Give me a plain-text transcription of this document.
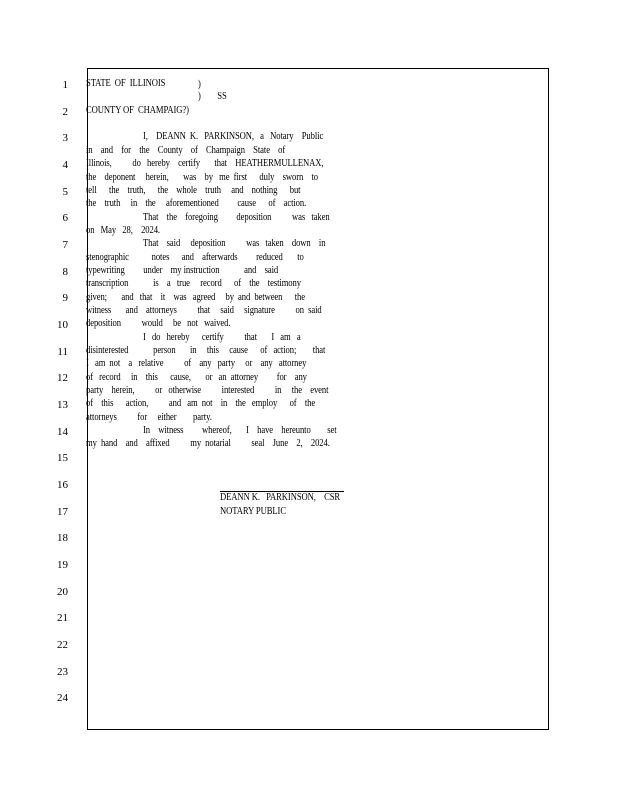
1
2
3
4
5
6
7
8
9
10
11
12
13
14
15
16
17
18
19
20
21
22
23
24
STATE  OF  ILLINOIS	)
)        SS
COUNTY OF  CHAMPAIG?)
I,    DEANN  K.   PARKINSON,   a   Notary    Public
in    and    for    the    County    of    Champaign    State    of
Illinois,          do   hereby    certify       that    HEATHERMULLENAX,
the    deponent     herein,       was    by   me  first      duly    sworn    to
tell      the    truth,      the    whole    truth     and    nothing      but
the    truth     in    the     aforementioned         cause      of    action.
That    the    foregoing         deposition          was   taken
on   May   28,    2024.
That    said     deposition          was   taken    down    in
stenographic           notes      and    afterwards         reduced       to
typewriting         under    my instruction            and    said
transcription            is    a   true     record      of    the    testimony
given;       and   that    it    was   agreed     by  and  between      the
witness       and    attorneys          that     said     signature          on  said
deposition          would     be   not   waived.
I   do   hereby      certify          that       I   am   a
disinterested            person       in     this     cause      of   action;        that
I   am  not    a   relative          of    any   party     or    any   attorney
of   record     in    this      cause,       or   an  attorney         for    any
party    herein,          or   otherwise          interested          in     the    event
of    this      action,          and   am  not    in    the   employ      of    the
attorneys          for     either        party.
In    witness         whereof,       I    have    hereunto        set
my  hand    and    affixed          my  notarial          seal    June    2,    2024.
DEANN K.   PARKINSON,    CSR
NOTARY PUBLIC
